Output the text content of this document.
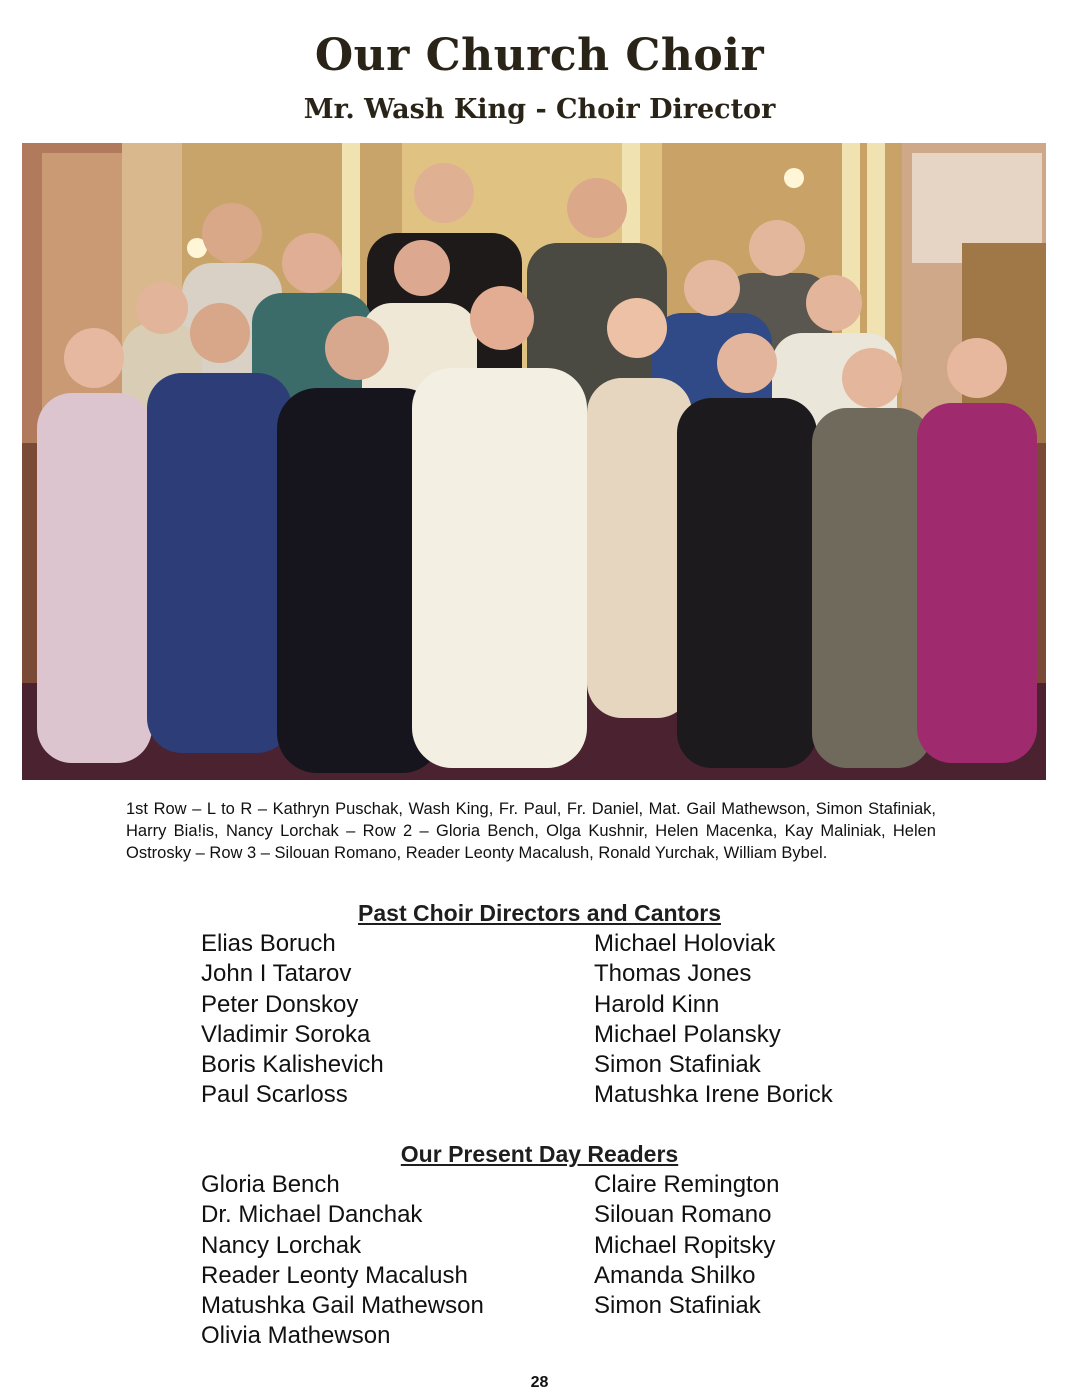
Our Church Choir
Mr. Wash King - Choir Director
1st Row – L to R – Kathryn Puschak, Wash King, Fr. Paul, Fr. Daniel, Mat. Gail Mathewson, Simon Stafiniak, Harry Bia!is, Nancy Lorchak – Row 2 – Gloria Bench, Olga Kushnir, Helen Macenka, Kay Maliniak, Helen Ostrosky – Row 3 – Silouan Romano, Reader Leonty Macalush, Ronald Yurchak, William Bybel.
Past Choir Directors and Cantors
Elias Boruch
John I Tatarov
Peter Donskoy
Vladimir Soroka
Boris Kalishevich
Paul Scarloss
Michael Holoviak
Thomas Jones
Harold Kinn
Michael Polansky
Simon Stafiniak
Matushka Irene Borick
Our Present Day Readers
Gloria Bench
Dr. Michael Danchak
Nancy Lorchak
Reader Leonty Macalush
Matushka Gail Mathewson
Olivia Mathewson
Claire Remington
Silouan Romano
Michael Ropitsky
Amanda Shilko
Simon Stafiniak
28
